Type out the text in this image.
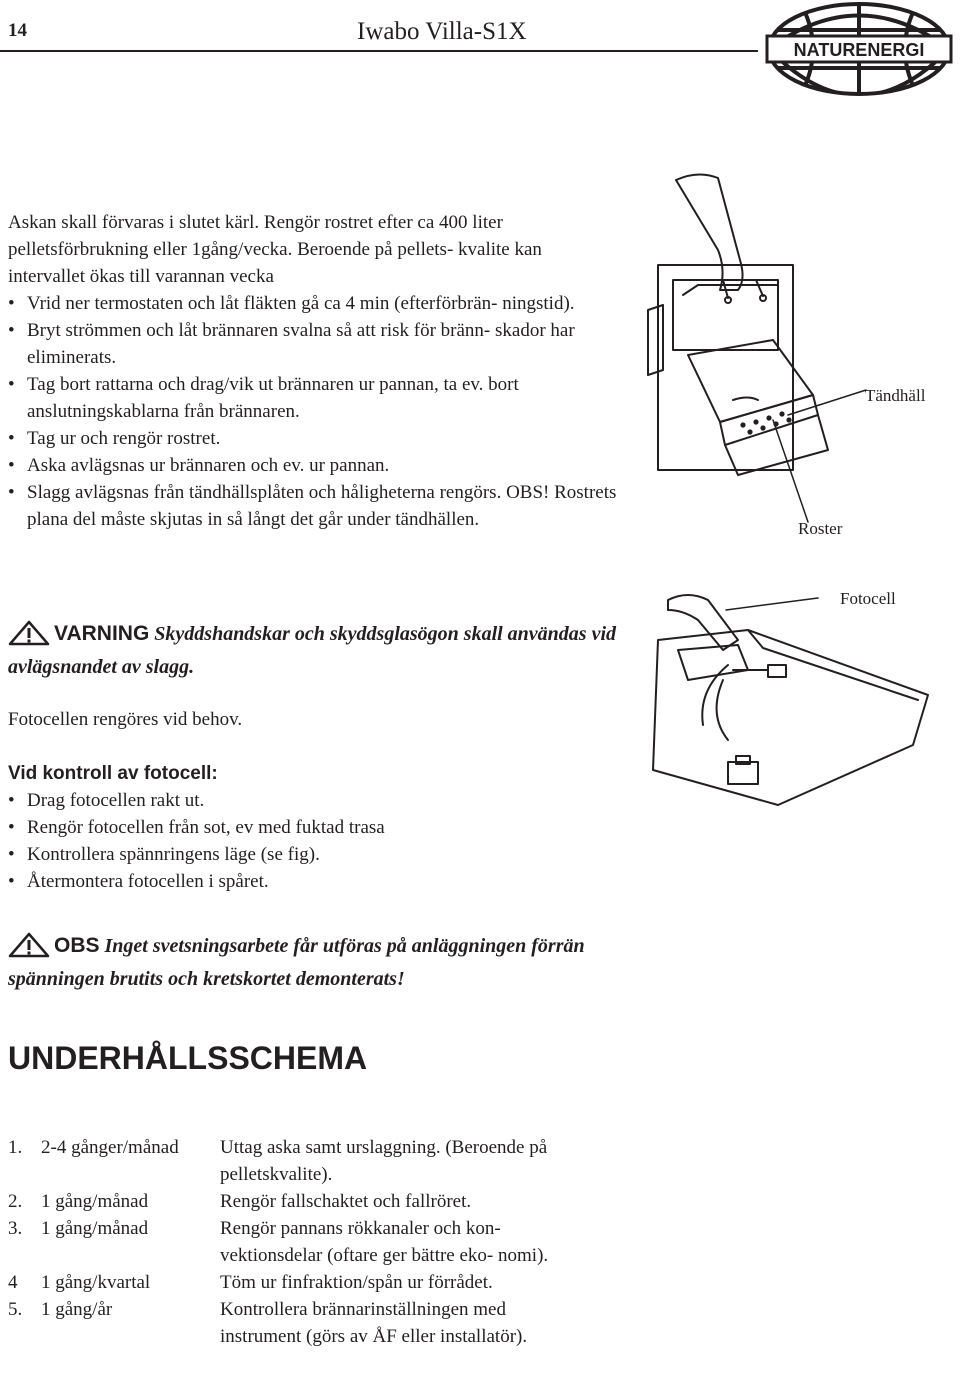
14	Iwabo Villa-S1X
NATURENERGI
Askan skall förvaras i slutet kärl. Rengör rostret efter ca 400 liter pelletsförbrukning eller 1gång/vecka. Beroende på pellets- kvalite kan intervallet ökas till varannan vecka
• Vrid ner termostaten och låt fläkten gå ca 4 min (efterförbrän- ningstid).
• Bryt strömmen och låt brännaren svalna så att risk för bränn- skador har eliminerats.
• Tag bort rattarna och drag/vik ut brännaren ur pannan, ta ev. bort anslutningskablarna från brännaren.
• Tag ur och rengör rostret.
• Aska avlägsnas ur brännaren och ev. ur pannan.
• Slagg avlägsnas från tändhällsplåten och håligheterna rengörs. OBS! Rostrets plana del måste skjutas in så långt det går under tändhällen.
VARNING Skyddshandskar och skyddsglasögon skall användas vid avlägsnandet av slagg.
Fotocellen rengöres vid behov.
Vid kontroll av fotocell:
• Drag fotocellen rakt ut.
• Rengör fotocellen från sot, ev med fuktad trasa
• Kontrollera spännringens läge (se fig).
• Återmontera fotocellen i spåret.
OBS Inget svetsningsarbete får utföras på anläggningen förrän spänningen brutits och kretskortet demonterats!
UNDERHÅLLSSCHEMA
1. 2-4 gånger/månad	Uttag aska samt urslaggning. (Beroende på pelletskvalite).
2. 1 gång/månad	Rengör fallschaktet och fallröret.
3. 1 gång/månad	Rengör pannans rökkanaler och kon- vektionsdelar (oftare ger bättre eko- nomi).
4	1 gång/kvartal	Töm ur finfraktion/spån ur förrådet.
5. 1 gång/år	Kontrollera brännarinställningen med instrument (görs av ÅF eller installatör).
Tändhäll
Roster
Fotocell
